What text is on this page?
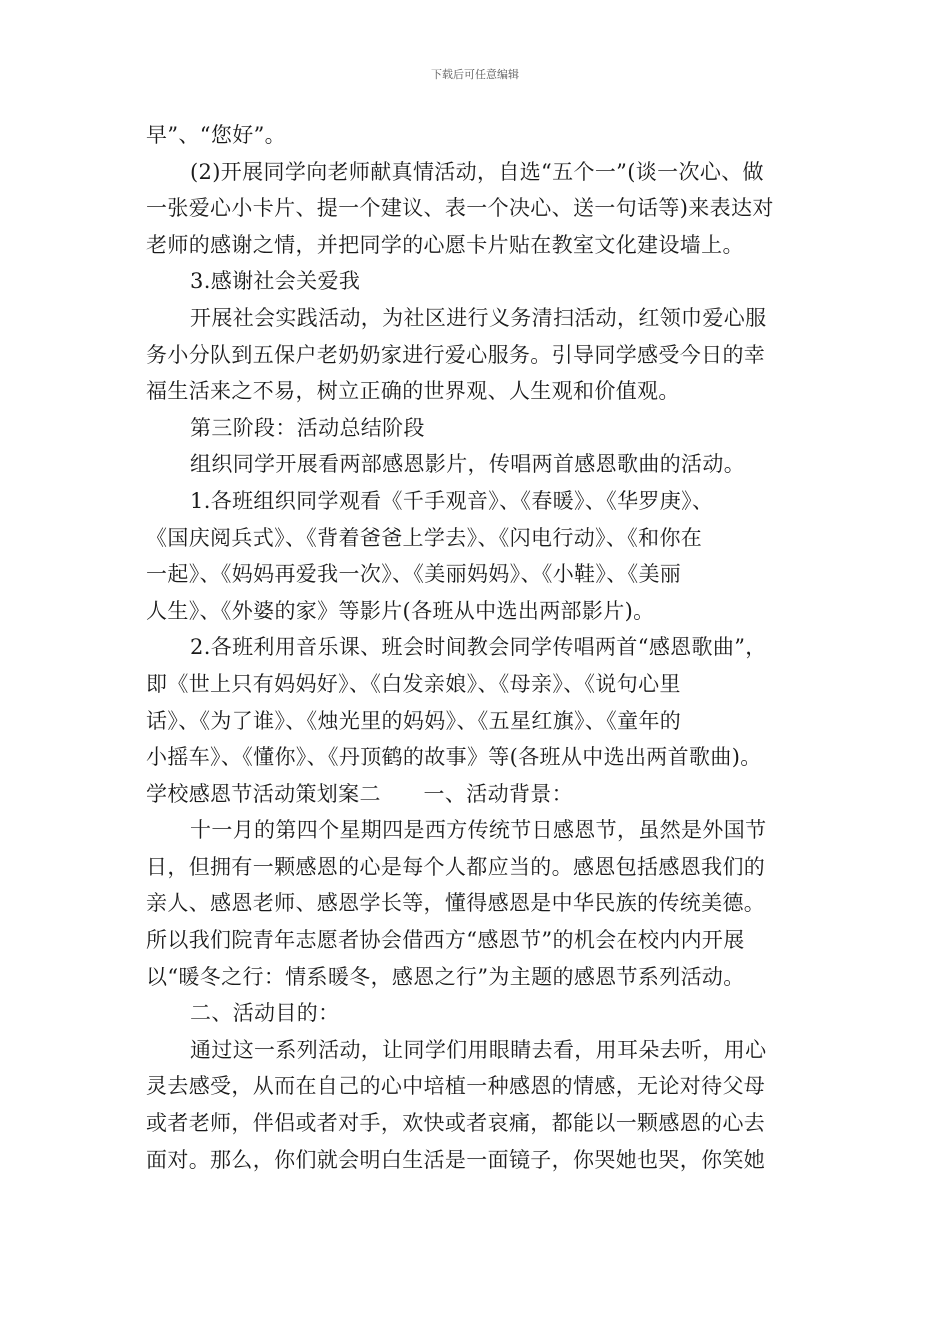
下载后可任意编辑
早”、“您好”。
(2)开展同学向老师献真情活动，自选“五个一”(谈一次心、做
一张爱心小卡片、提一个建议、表一个决心、送一句话等)来表达对
老师的感谢之情，并把同学的心愿卡片贴在教室文化建设墙上。
3.感谢社会关爱我
开展社会实践活动，为社区进行义务清扫活动，红领巾爱心服
务小分队到五保户老奶奶家进行爱心服务。引导同学感受今日的幸
福生活来之不易，树立正确的世界观、人生观和价值观。
第三阶段：活动总结阶段
组织同学开展看两部感恩影片，传唱两首感恩歌曲的活动。
1.各班组织同学观看《千手观音》、《春暖》、《华罗庚》、
《国庆阅兵式》、《背着爸爸上学去》、《闪电行动》、《和你在
一起》、《妈妈再爱我一次》、《美丽妈妈》、《小鞋》、《美丽
人生》、《外婆的家》等影片(各班从中选出两部影片)。
2.各班利用音乐课、班会时间教会同学传唱两首“感恩歌曲”，
即《世上只有妈妈好》、《白发亲娘》、《母亲》、《说句心里
话》、《为了谁》、《烛光里的妈妈》、《五星红旗》、《童年的
小摇车》、《懂你》、《丹顶鹤的故事》等(各班从中选出两首歌曲)。
学校感恩节活动策划案二　　一、活动背景：
十一月的第四个星期四是西方传统节日感恩节，虽然是外国节
日，但拥有一颗感恩的心是每个人都应当的。感恩包括感恩我们的
亲人、感恩老师、感恩学长等，懂得感恩是中华民族的传统美德。
所以我们院青年志愿者协会借西方“感恩节”的机会在校内内开展
以“暖冬之行：情系暖冬，感恩之行”为主题的感恩节系列活动。
二、活动目的：
通过这一系列活动，让同学们用眼睛去看，用耳朵去听，用心
灵去感受，从而在自己的心中培植一种感恩的情感，无论对待父母
或者老师，伴侣或者对手，欢快或者哀痛，都能以一颗感恩的心去
面对。那么，你们就会明白生活是一面镜子，你哭她也哭，你笑她
